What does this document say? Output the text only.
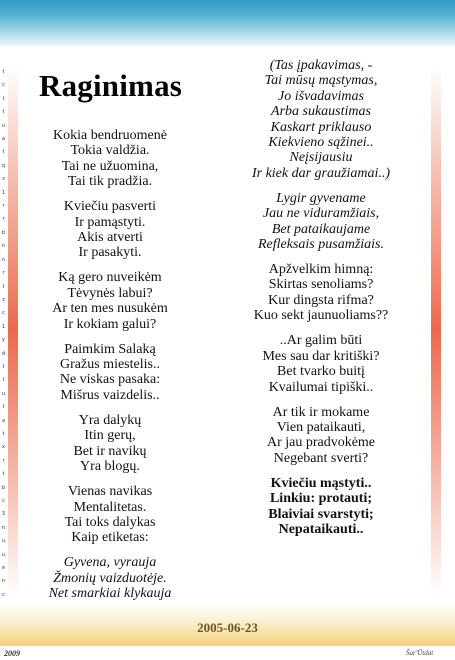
t
c
t
t
u
a
t
q
z
1
r
r
b
n
n
r
t
z
c
1
y
d
t
t
u
t
a
t
x
r
t
b
c
3
n
u
u
e
n
c
Raginimas
Kokia bendruomenė
Tokia valdžia.
Tai ne užuomina,
Tai tik pradžia.
Kviečiu pasverti
Ir pamąstyti.
Akis atverti
Ir pasakyti.
Ką gero nuveikėm
Tėvynės labui?
Ar ten mes nusukėm
Ir kokiam galui?
Paimkim Salaką
Gražus miestelis..
Ne viskas pasaka:
Mišrus vaizdelis..
Yra dalykų
Itin gerų,
Bet ir navikų
Yra blogų.
Vienas navikas
Mentalitetas.
Tai toks dalykas
Kaip etiketas:
Gyvena, vyrauja
Žmonių vaizduotėje.
Net smarkiai klykauja
(Tas įpakavimas, -
Tai mūsų mąstymas,
Jo išvadavimas
Arba sukaustimas
Kaskart priklauso
Kiekvieno sąžinei..
Neįsijausiu
Ir kiek dar graužiamai..)
Lygir gyvename
Jau ne viduramžiais,
Bet pataikaujame
Refleksais pusamžiais.
Apžvelkim himną:
Skirtas senoliams?
Kur dingsta rifma?
Kuo sekt jaunuoliams??
..Ar galim būti
Mes sau dar kritiški?
Bet tvarko buitį
Kvailumai tipiški..
Ar tik ir mokame
Vien pataikauti,
Ar jau pradvokėme
Negebant sverti?
Kviečiu mąstyti..
Linkiu: protauti;
Blaiviai svarstyti;
Nepataikauti..
2005-06-23
2009	Šar'Ūtdat
